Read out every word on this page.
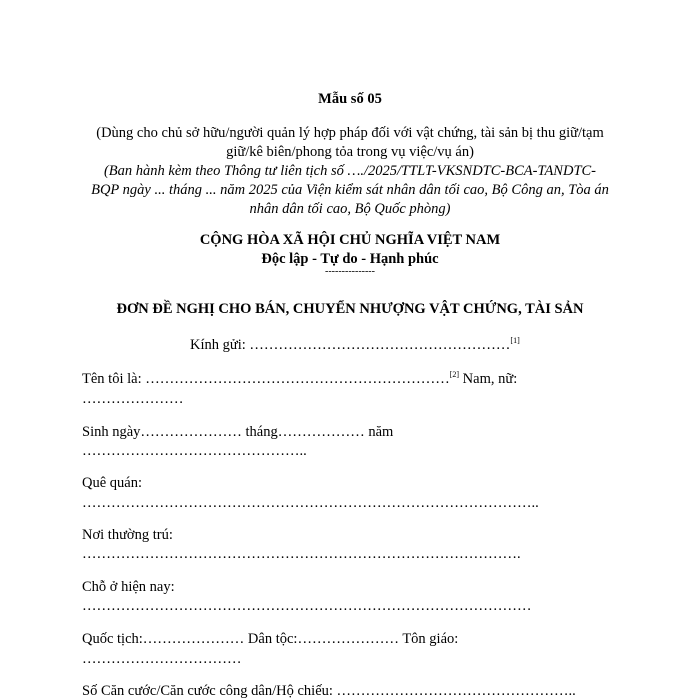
Mẫu số 05
(Dùng cho chủ sở hữu/người quản lý hợp pháp đối với vật chứng, tài sản bị thu giữ/tạm
giữ/kê biên/phong tỏa trong vụ việc/vụ án)
(Ban hành kèm theo Thông tư liên tịch số …./2025/TTLT-VKSNDTC-BCA-TANDTC-
BQP ngày ... tháng ... năm 2025 của Viện kiểm sát nhân dân tối cao, Bộ Công an, Tòa án
nhân dân tối cao, Bộ Quốc phòng)
CỘNG HÒA XÃ HỘI CHỦ NGHĨA VIỆT NAM
Độc lập - Tự do - Hạnh phúc
---------------
ĐƠN ĐỀ NGHỊ CHO BÁN, CHUYỂN NHƯỢNG VẬT CHỨNG, TÀI SẢN
Kính gửi: ………………………………………………[1]
Tên tôi là: ………………………………………………………[2] Nam, nữ:
…………………
Sinh ngày………………… tháng……………… năm
………………………………………..
Quê quán:
…………………………………………………………………………………..
Nơi thường trú:
……………………………………………………………………………….
Chỗ ở hiện nay:
…………………………………………………………………………………
Quốc tịch:………………… Dân tộc:………………… Tôn giáo:
……………………………
Số Căn cước/Căn cước công dân/Hộ chiếu: …………………………………………..
